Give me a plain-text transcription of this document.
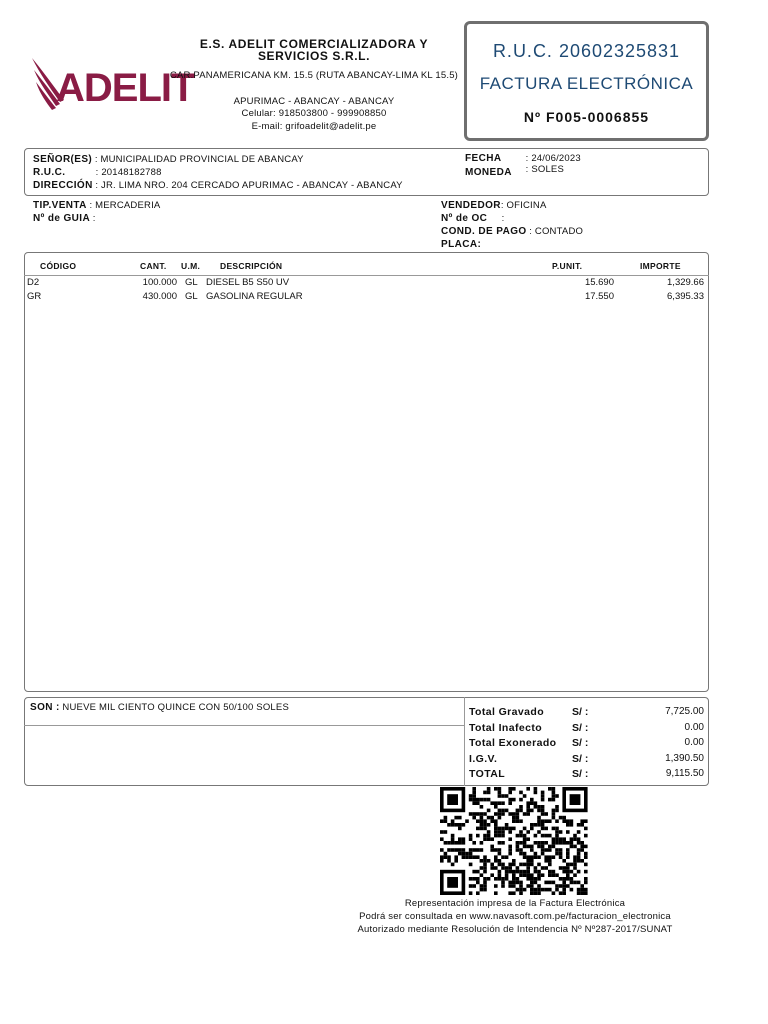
ADELIT
E.S. ADELIT COMERCIALIZADORA Y
SERVICIOS S.R.L.
CAR.PANAMERICANA KM. 15.5 (RUTA ABANCAY-LIMA KL 15.5)
APURIMAC - ABANCAY - ABANCAY
Celular: 918503800 - 999908850
E-mail: grifoadelit@adelit.pe
R.U.C. 20602325831
FACTURA ELECTRÓNICA
Nº F005-0006855
SEÑOR(ES) : MUNICIPALIDAD PROVINCIAL DE ABANCAY
R.U.C.	: 20148182788
DIRECCIÓN : JR. LIMA NRO. 204 CERCADO APURIMAC - ABANCAY - ABANCAY
FECHA	: 24/06/2023
MONEDA : SOLES
TIP.VENTA : MERCADERIA
Nº de GUIA :
VENDEDOR: OFICINA
Nº de OC :
COND. DE PAGO : CONTADO
PLACA:
CÓDIGO	CANT. U.M. DESCRIPCIÓN	P.UNIT.	IMPORTE
D2	100.000 GL DIESEL B5 S50 UV	15.690	1,329.66
GR	430.000 GL GASOLINA REGULAR	17.550	6,395.33
SON : NUEVE MIL CIENTO QUINCE CON 50/100 SOLES	Total Gravado	S/ :	7,725.00
Total Inafecto	S/ :	0.00
Total Exonerado S/ :	0.00
I.G.V.	S/ :	1,390.50
TOTAL	S/ :	9,115.50
Representación impresa de la Factura Electrónica
Podrá ser consultada en www.navasoft.com.pe/facturacion_electronica
Autorizado mediante Resolución de Intendencia Nº Nº287-2017/SUNAT
